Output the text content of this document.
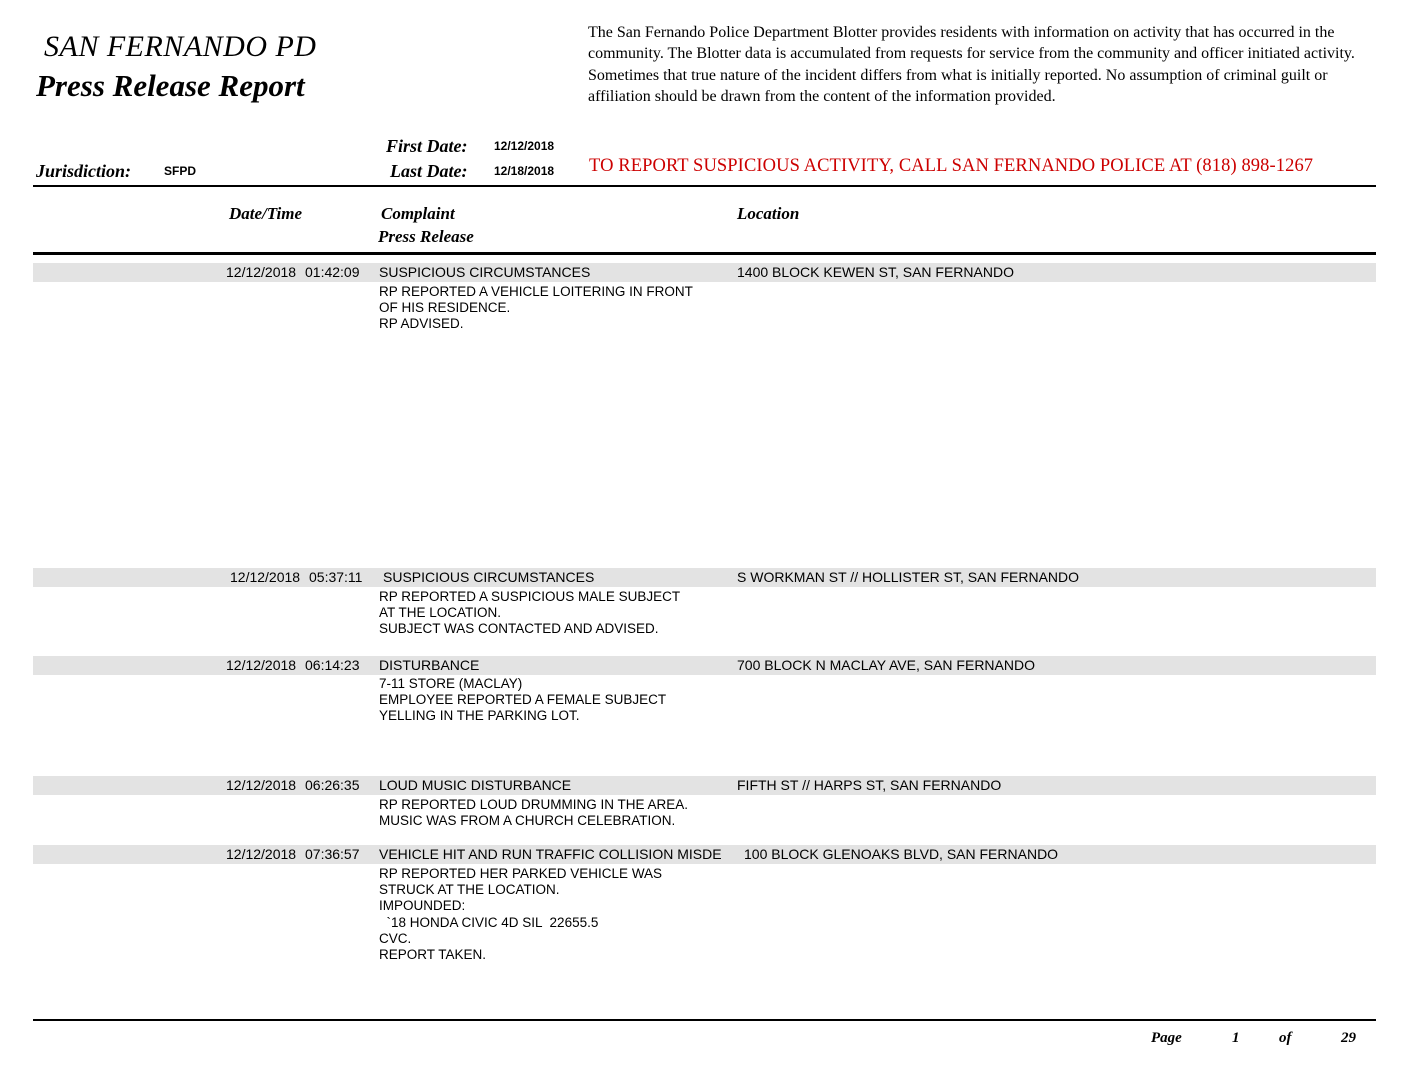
SAN FERNANDO PD
Press Release Report
The San Fernando Police Department Blotter provides residents with information on activity that has occurred in the community. The Blotter data is accumulated from requests for service from the community and officer initiated activity. Sometimes that true nature of the incident differs from what is initially reported. No assumption of criminal guilt or affiliation should be drawn from the content of the information provided.
First Date: 12/12/2018
Last Date: 12/18/2018
Jurisdiction:	SFPD	TO REPORT SUSPICIOUS ACTIVITY, CALL SAN FERNANDO POLICE AT (818) 898-1267
Date/Time	Complaint
Press Release
Location
12/12/2018 01:42:09 SUSPICIOUS CIRCUMSTANCES	1400 BLOCK KEWEN ST, SAN FERNANDO
RP REPORTED A VEHICLE LOITERING IN FRONT
OF HIS RESIDENCE.
RP ADVISED.
12/12/2018 05:37:11 SUSPICIOUS CIRCUMSTANCES	S WORKMAN ST // HOLLISTER ST, SAN FERNANDO
RP REPORTED A SUSPICIOUS MALE SUBJECT
AT THE LOCATION.
SUBJECT WAS CONTACTED AND ADVISED.
12/12/2018 06:14:23 DISTURBANCE	700 BLOCK N MACLAY AVE, SAN FERNANDO
7-11 STORE (MACLAY)
EMPLOYEE REPORTED A FEMALE SUBJECT
YELLING IN THE PARKING LOT.
12/12/2018 06:26:35 LOUD MUSIC DISTURBANCE	FIFTH ST // HARPS ST, SAN FERNANDO
RP REPORTED LOUD DRUMMING IN THE AREA.
MUSIC WAS FROM A CHURCH CELEBRATION.
12/12/2018 07:36:57 VEHICLE HIT AND RUN TRAFFIC COLLISION MISDE 100 BLOCK GLENOAKS BLVD, SAN FERNANDO
RP REPORTED HER PARKED VEHICLE WAS
STRUCK AT THE LOCATION.
IMPOUNDED:
`18 HONDA CIVIC 4D SIL  22655.5
CVC.
REPORT TAKEN.
Page	1	of	29
